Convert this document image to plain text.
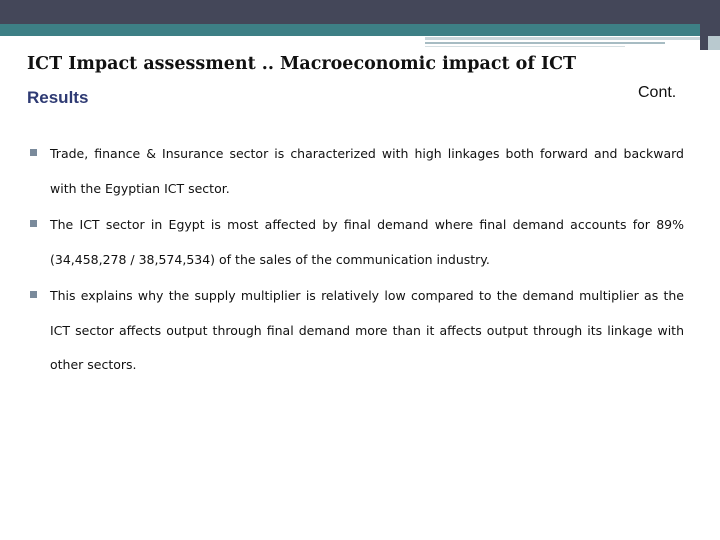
ICT Impact assessment .. Macroeconomic impact of ICT
Results	Cont.
Trade, finance & Insurance sector is characterized with high linkages both forward and backward with the Egyptian ICT sector.
The ICT sector in Egypt is most affected by final demand where final demand accounts for 89% (34,458,278 / 38,574,534) of the sales of the communication industry.
This explains why the supply multiplier is relatively low compared to the demand multiplier as the ICT sector affects output through final demand more than it affects output through its linkage with other sectors.
